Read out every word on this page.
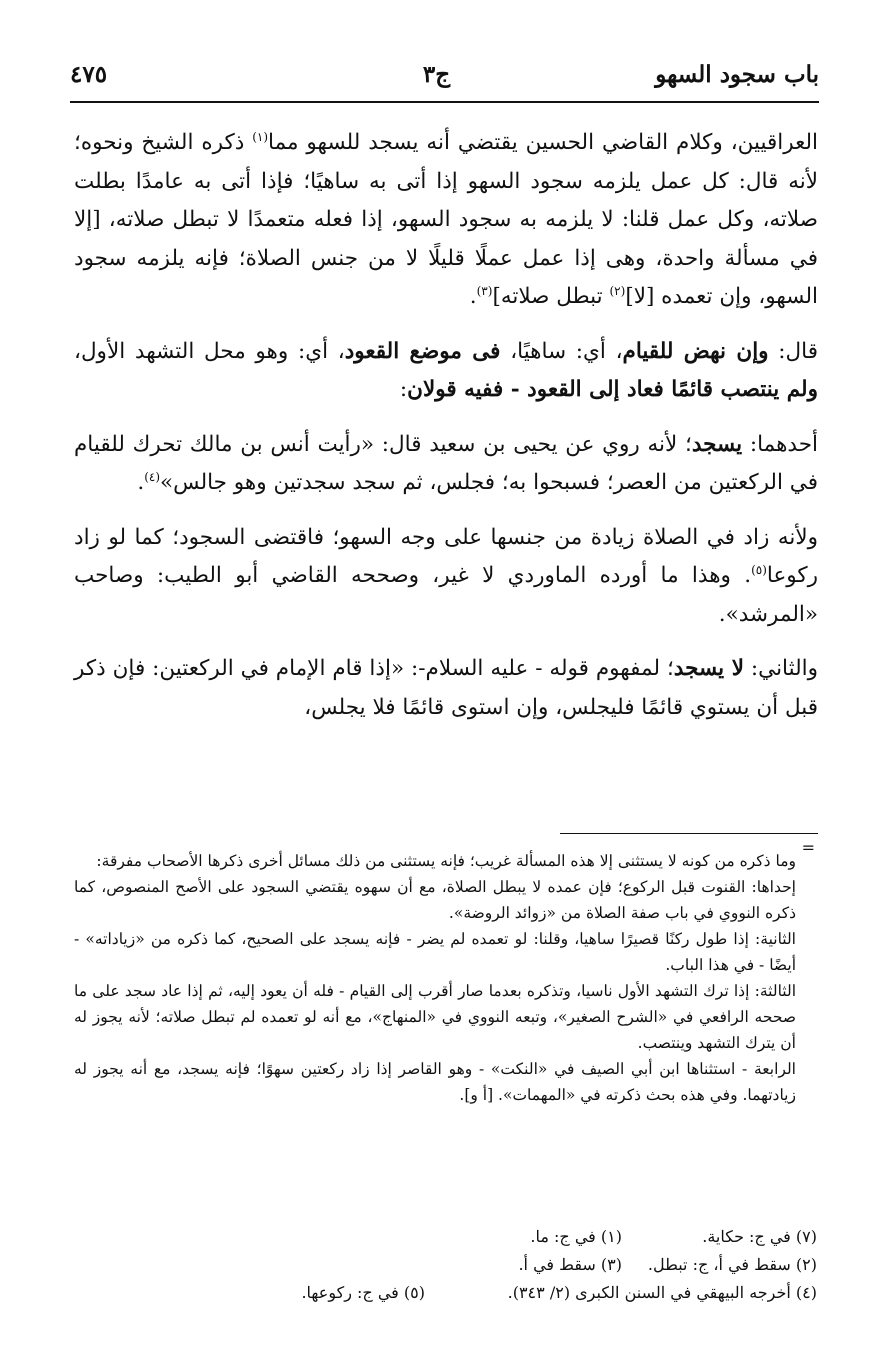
باب سجود السهو
ج٣
٤٧٥

العراقيين، وكلام القاضي الحسين يقتضي أنه يسجد للسهو مما$^{(١)}$ ذكره الشيخ ونحوه؛ لأنه قال: كل عمل يلزمه سجود السهو إذا أتى به ساهيًا؛ فإذا أتى به عامدًا بطلت صلاته، وكل عمل قلنا: لا يلزمه به سجود السهو، إذا فعله متعمدًا لا تبطل صلاته، [إلا في مسألة واحدة، وهى إذا عمل عملًا قليلًا لا من جنس الصلاة؛ فإنه يلزمه سجود السهو، وإن تعمده [لا]$^{(٢)}$ تبطل صلاته]$^{(٣)}$.

قال: وإن نهض للقيام، أي: ساهيًا، فى موضع القعود، أي: وهو محل التشهد الأول، ولم ينتصب قائمًا فعاد إلى القعود - ففيه قولان:

أحدهما: يسجد؛ لأنه روي عن يحيى بن سعيد قال: «رأيت أنس بن مالك تحرك للقيام في الركعتين من العصر؛ فسبحوا به؛ فجلس، ثم سجد سجدتين وهو جالس»$^{(٤)}$.

ولأنه زاد في الصلاة زيادة من جنسها على وجه السهو؛ فاقتضى السجود؛ كما لو زاد ركوعا$^{(٥)}$. وهذا ما أورده الماوردي لا غير، وصححه القاضي أبو الطيب: وصاحب «المرشد».

والثاني: لا يسجد؛ لمفهوم قوله - عليه السلام-: «إذا قام الإمام في الركعتين: فإن ذكر قبل أن يستوي قائمًا فليجلس، وإن استوى قائمًا فلا يجلس،

=

وما ذكره من كونه لا يستثنى إلا هذه المسألة غريب؛ فإنه يستثنى من ذلك مسائل أخرى ذكرها الأصحاب مفرقة:

إحداها: القنوت قبل الركوع؛ فإن عمده لا يبطل الصلاة، مع أن سهوه يقتضي السجود على الأصح المنصوص، كما ذكره النووي في باب صفة الصلاة من «زوائد الروضة».

الثانية: إذا طول ركنًا قصيرًا ساهيا، وقلنا: لو تعمده لم يضر - فإنه يسجد على الصحيح، كما ذكره من «زياداته» - أيضًا - في هذا الباب.

الثالثة: إذا ترك التشهد الأول ناسيا، وتذكره بعدما صار أقرب إلى القيام - فله أن يعود إليه، ثم إذا عاد سجد على ما صححه الرافعي في «الشرح الصغير»، وتبعه النووي في «المنهاج»، مع أنه لو تعمده لم تبطل صلاته؛ لأنه يجوز له أن يترك التشهد وينتصب.

الرابعة - استثناها ابن أبي الصيف في «النكت» - وهو القاصر إذا زاد ركعتين سهوًا؛ فإنه يسجد، مع أنه يجوز له زيادتهما. وفي هذه بحث ذكرته في «المهمات». [أ و].

(٧) في ج: حكاية.
(١) في ج: ما.
(٢) سقط في أ، ج: تبطل.
(٣) سقط في أ.
(٤) أخرجه البيهقي في السنن الكبرى (٢/ ٣٤٣).
(٥) في ج: ركوعها.
